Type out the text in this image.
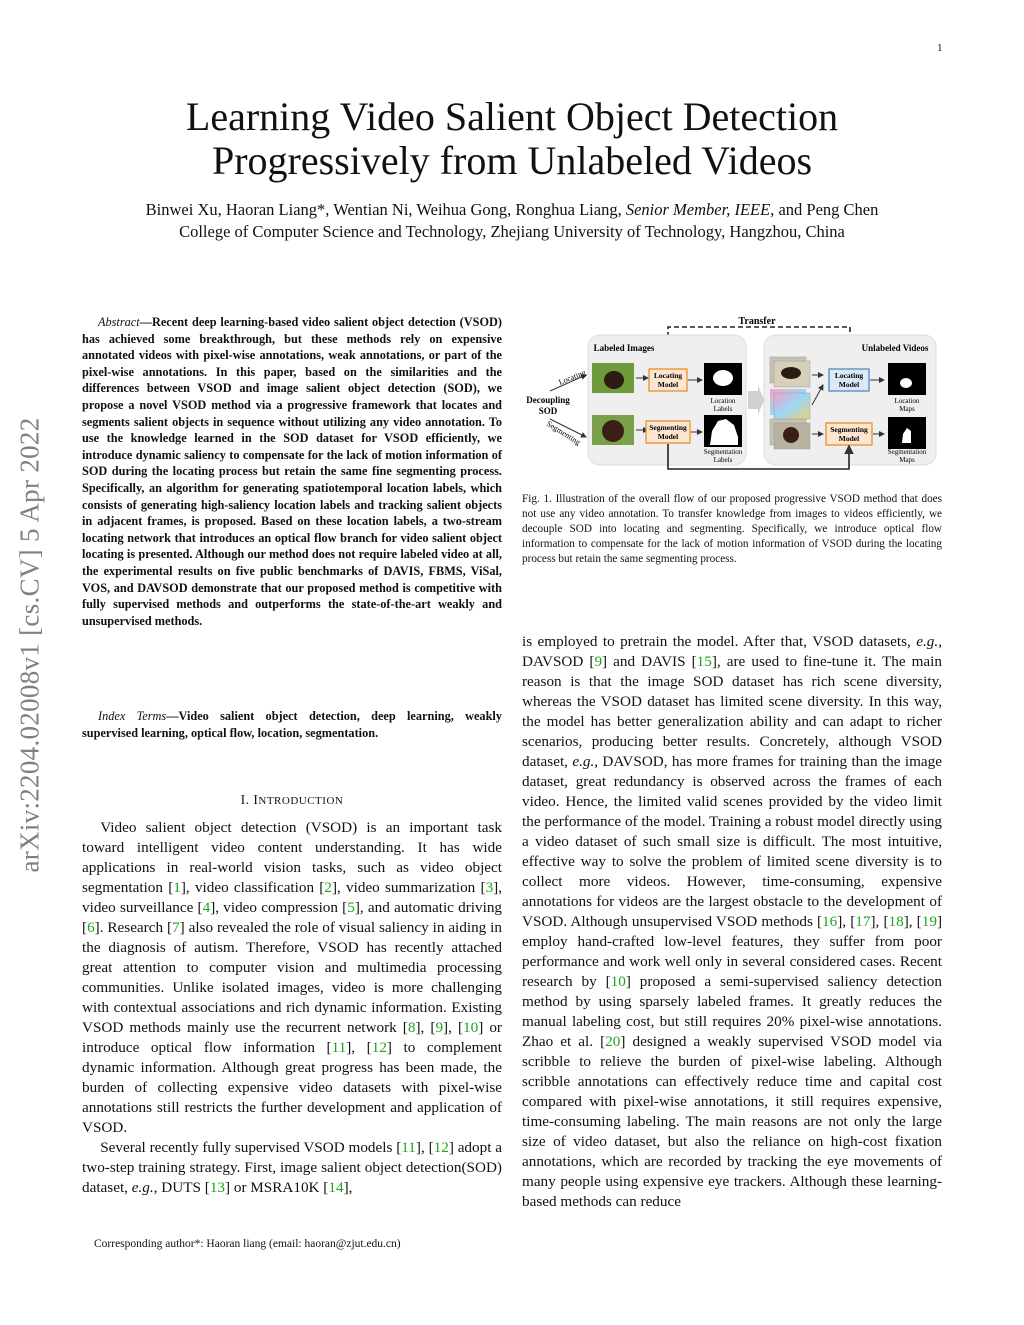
1
arXiv:2204.02008v1 [cs.CV] 5 Apr 2022
Learning Video Salient Object Detection
Progressively from Unlabeled Videos
Binwei Xu, Haoran Liang*, Wentian Ni, Weihua Gong, Ronghua Liang, Senior Member, IEEE, and Peng Chen
College of Computer Science and Technology, Zhejiang University of Technology, Hangzhou, China

Abstract—Recent deep learning-based video salient object detection (VSOD) has achieved some breakthrough, but these methods rely on expensive annotated videos with pixel-wise annotations, weak annotations, or part of the pixel-wise annotations. In this paper, based on the similarities and the differences between VSOD and image salient object detection (SOD), we propose a novel VSOD method via a progressive framework that locates and segments salient objects in sequence without utilizing any video annotation. To use the knowledge learned in the SOD dataset for VSOD efficiently, we introduce dynamic saliency to compensate for the lack of motion information of SOD during the locating process but retain the same fine segmenting process. Specifically, an algorithm for generating spatiotemporal location labels, which consists of generating high-saliency location labels and tracking salient objects in adjacent frames, is proposed. Based on these location labels, a two-stream locating network that introduces an optical flow branch for video salient object locating is presented. Although our method does not require labeled video at all, the experimental results on five public benchmarks of DAVIS, FBMS, ViSal, VOS, and DAVSOD demonstrate that our proposed method is competitive with fully supervised methods and outperforms the state-of-the-art weakly and unsupervised methods.

Index Terms—Video salient object detection, deep learning, weakly supervised learning, optical flow, location, segmentation.

I. INTRODUCTION

Video salient object detection (VSOD) is an important task toward intelligent video content understanding. It has wide applications in real-world vision tasks, such as video object segmentation [1], video classification [2], video summarization [3], video surveillance [4], video compression [5], and automatic driving [6]. Research [7] also revealed the role of visual saliency in aiding in the diagnosis of autism. Therefore, VSOD has recently attached great attention to computer vision and multimedia processing communities. Unlike isolated images, video is more challenging with contextual associations and rich dynamic information. Existing VSOD methods mainly use the recurrent network [8], [9], [10] or introduce optical flow information [11], [12] to complement dynamic information. Although great progress has been made, the burden of collecting expensive video datasets with pixel-wise annotations still restricts the further development and application of VSOD.

Several recently fully supervised VSOD models [11], [12] adopt a two-step training strategy. First, image salient object detection(SOD) dataset, e.g., DUTS [13] or MSRA10K [14],

Corresponding author*: Haoran liang (email: haoran@zjut.edu.cn)
Transfer
Labeled Images	Unlabeled Videos
Decoupling
SOD
Locating
Segmenting
Locating
Model
Segmenting
Model
Location
Labels
Segmentation
Labels
Locating
Model
Segmenting
Model
Location
Maps
Segmentation
Maps
Fig. 1. Illustration of the overall flow of our proposed progressive VSOD method that does not use any video annotation. To transfer knowledge from images to videos efficiently, we decouple SOD into locating and segmenting. Specifically, we introduce optical flow information to compensate for the lack of motion information of VSOD during the locating process but retain the same segmenting process.

is employed to pretrain the model. After that, VSOD datasets, e.g., DAVSOD [9] and DAVIS [15], are used to fine-tune it. The main reason is that the image SOD dataset has rich scene diversity, whereas the VSOD dataset has limited scene diversity. In this way, the model has better generalization ability and can adapt to richer scenarios, producing better results. Concretely, although VSOD dataset, e.g., DAVSOD, has more frames for training than the image dataset, great redundancy is observed across the frames of each video. Hence, the limited valid scenes provided by the video limit the performance of the model. Training a robust model directly using a video dataset of such small size is difficult. The most intuitive, effective way to solve the problem of limited scene diversity is to collect more videos. However, time-consuming, expensive annotations for videos are the largest obstacle to the development of VSOD. Although unsupervised VSOD methods [16], [17], [18], [19] employ hand-crafted low-level features, they suffer from poor performance and work well only in several considered cases. Recent research by [10] proposed a semi-supervised saliency detection method by using sparsely labeled frames. It greatly reduces the manual labeling cost, but still requires 20% pixel-wise annotations. Zhao et al. [20] designed a weakly supervised VSOD model via scribble to relieve the burden of pixel-wise labeling. Although scribble annotations can effectively reduce time and capital cost compared with pixel-wise annotations, it still requires expensive, time-consuming labeling. The main reasons are not only the large size of video dataset, but also the reliance on high-cost fixation annotations, which are recorded by tracking the eye movements of many people using expensive eye trackers. Although these learning-based methods can reduce
